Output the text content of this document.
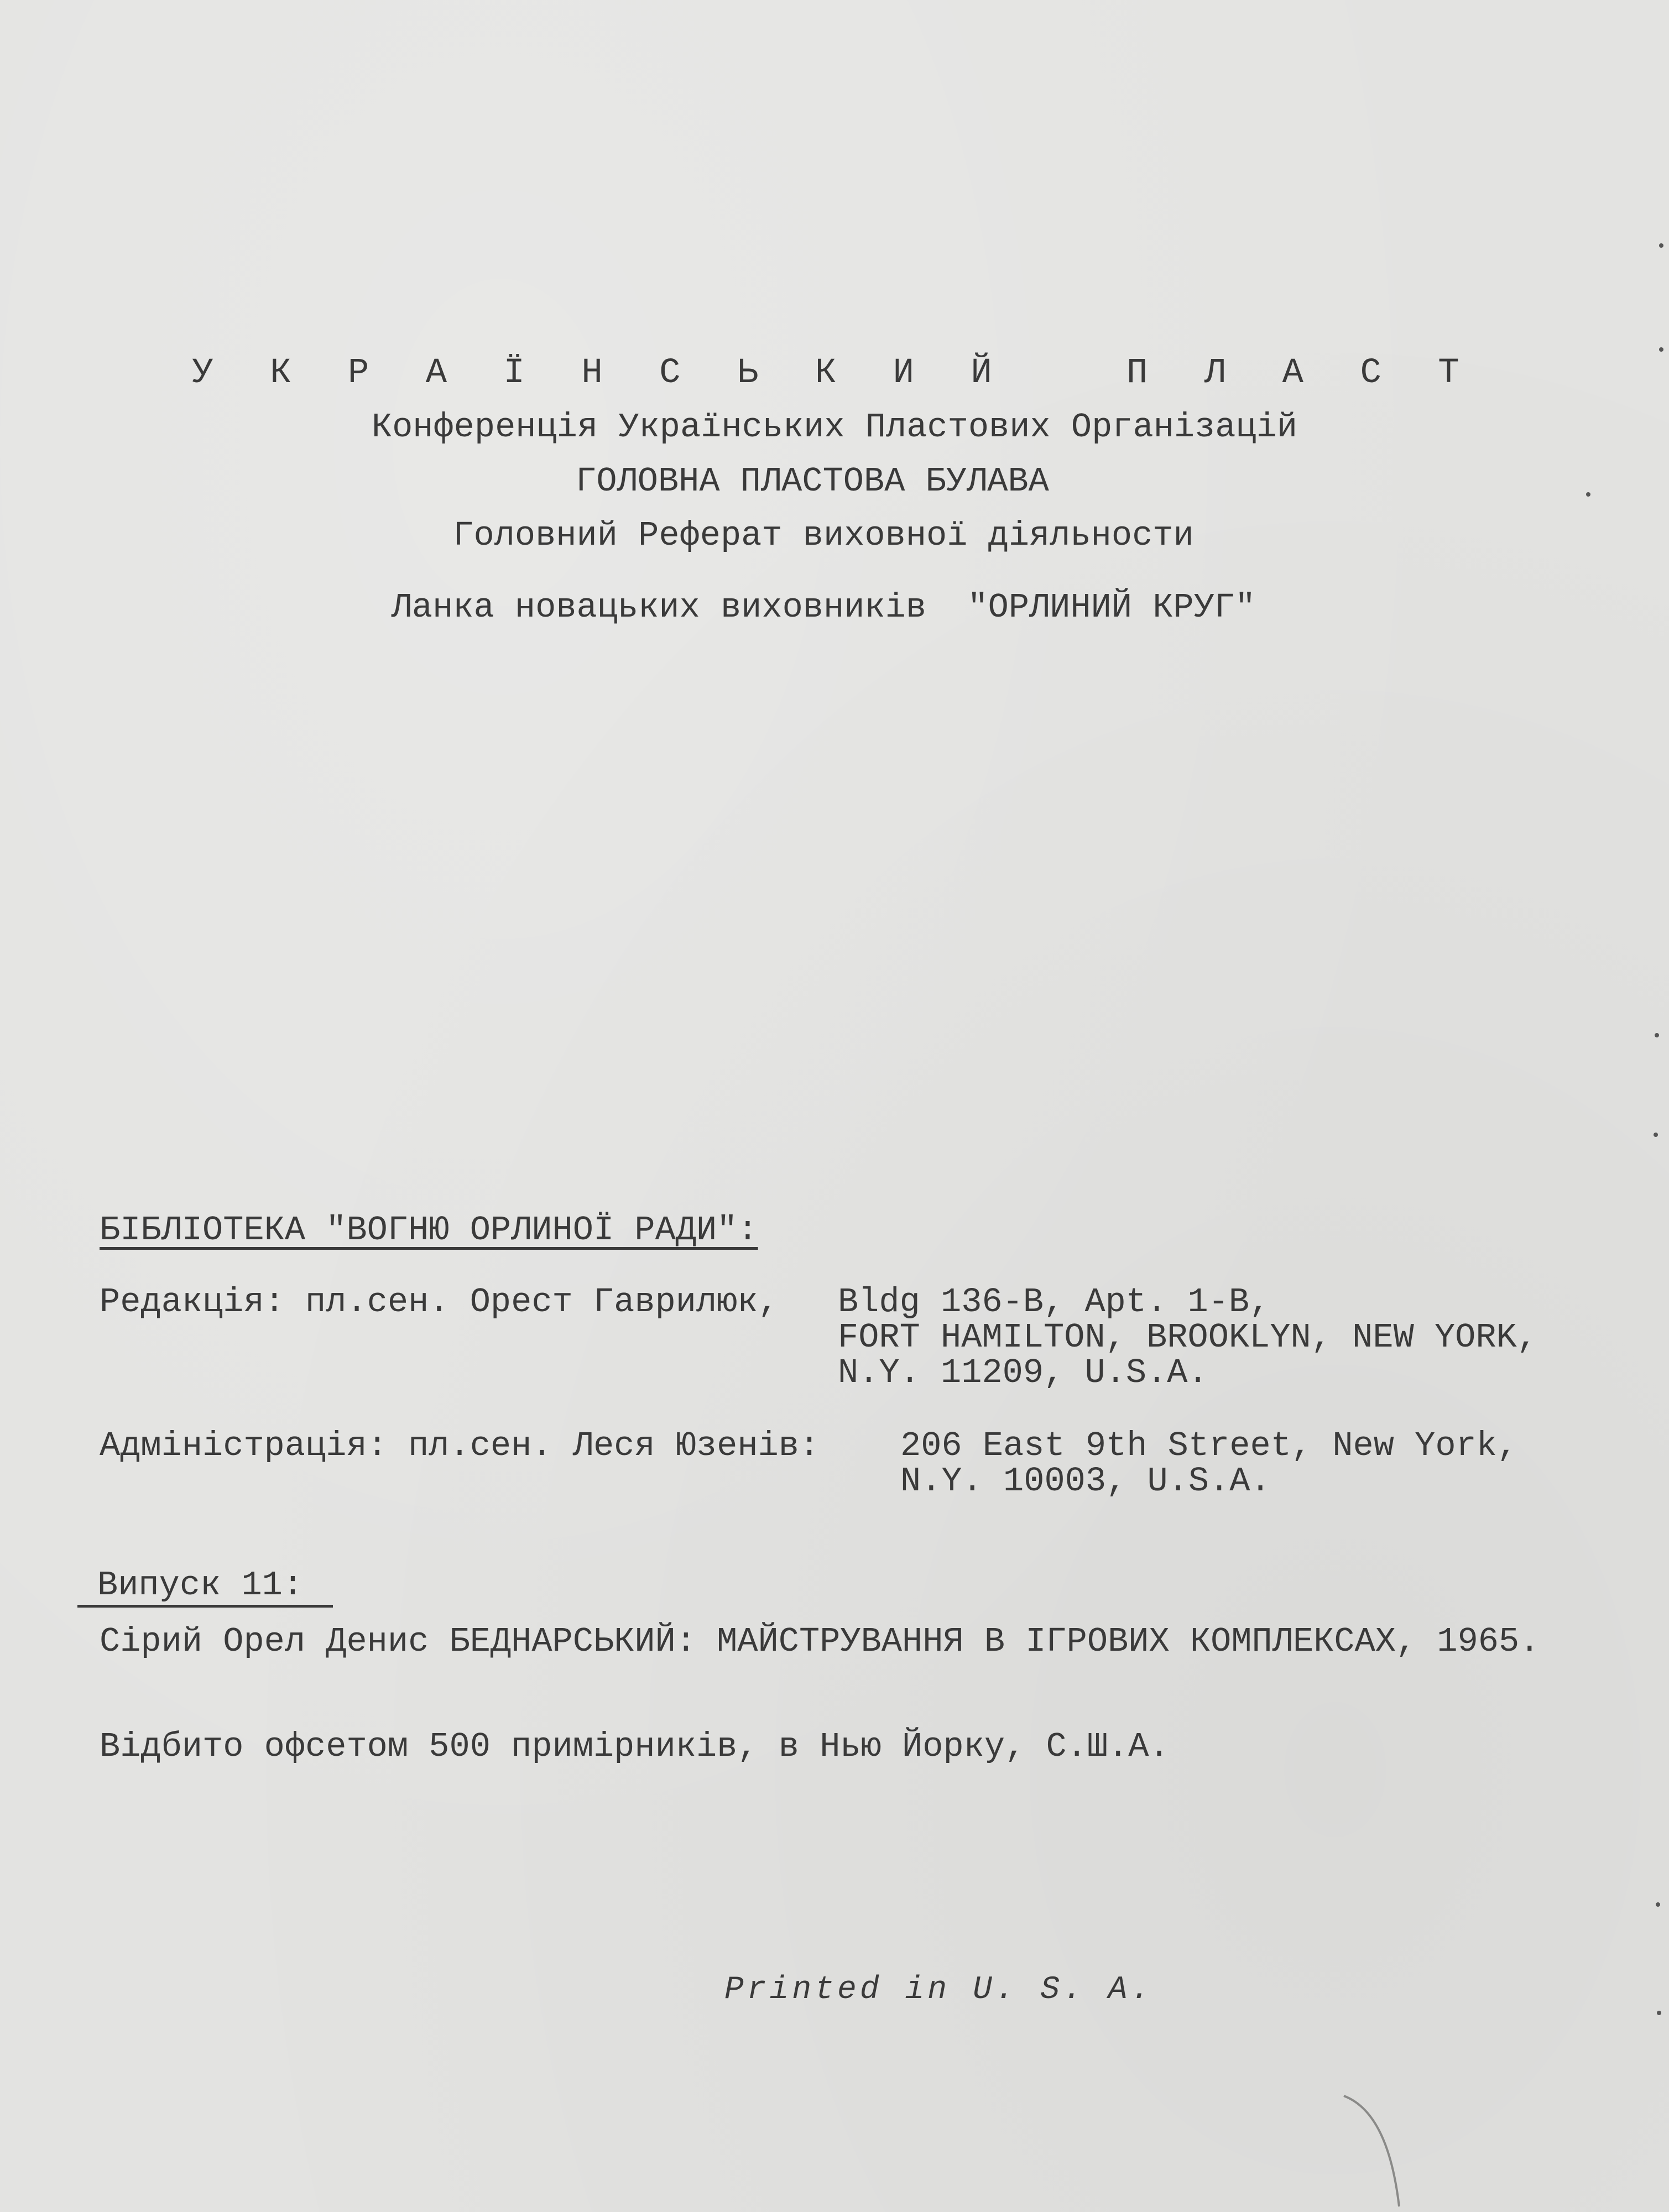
У К Р А Ї Н С Ь К И Й   П Л А С Т
Конференція Українських Пластових Організацій
ГОЛОВНА ПЛАСТОВА БУЛАВА
Головний Реферат виховної діяльности
Ланка новацьких виховників  "ОРЛИНИЙ КРУГ"
БІБЛІОТЕКА "ВОГНЮ ОРЛИНОЇ РАДИ":
Редакція: пл.сен. Орест Гаврилюк, Bldg 136-B, Apt. 1-B,
FORT HAMILTON, BROOKLYN, NEW YORK,
N.Y. 11209, U.S.A.
Адміністрація: пл.сен. Леся Юзенів: 206 East 9th Street, New York,
N.Y. 10003, U.S.A.
Випуск 11:
Сірий Орел Денис БЕДНАРСЬКИЙ: МАЙСТРУВАННЯ В ІГРОВИХ КОМПЛЕКСАХ, 1965.
Відбито офсетом 500 примірників, в Нью Йорку, С.Ш.А.
Printed in U. S. A.
